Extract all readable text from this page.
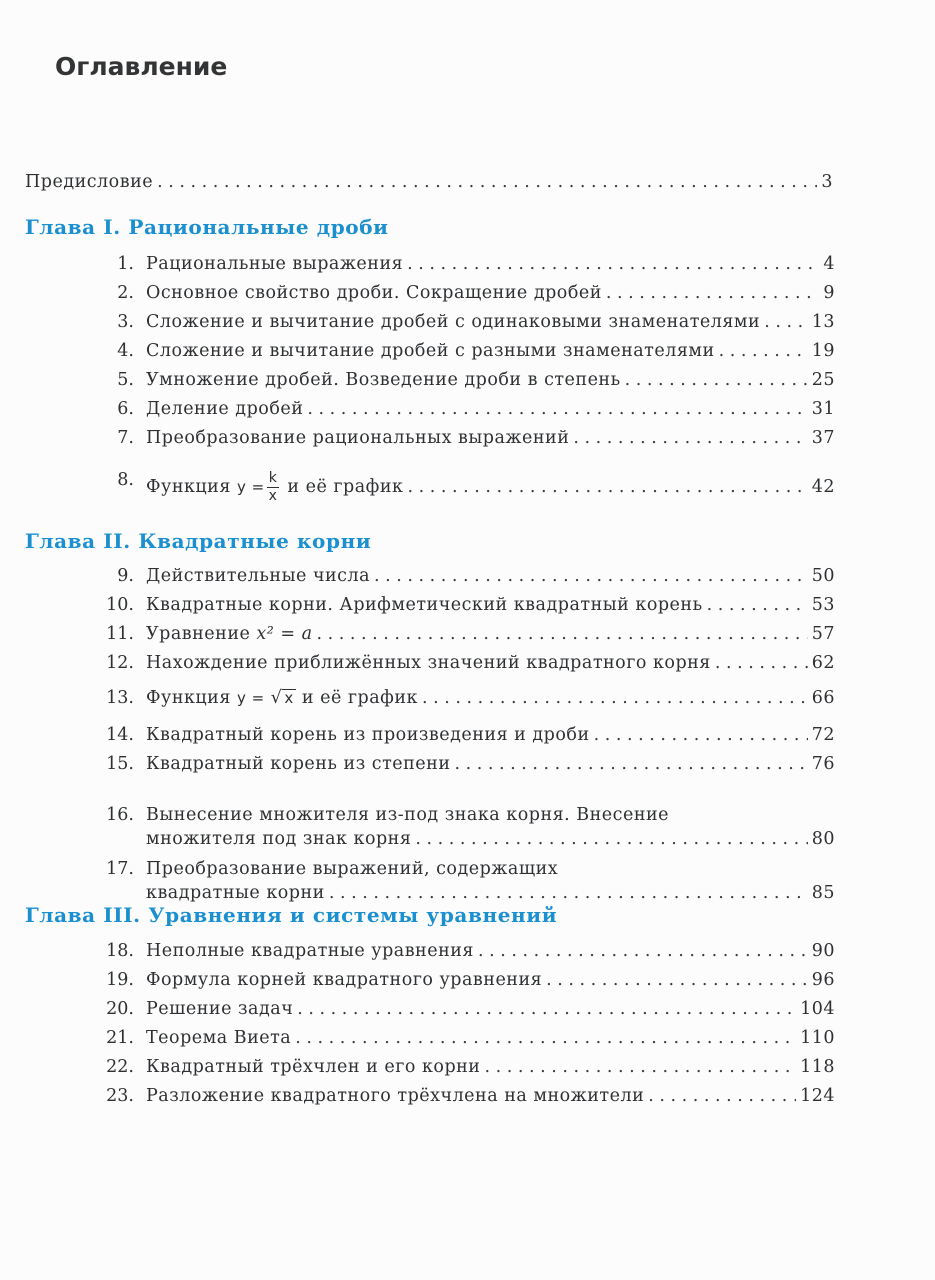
Оглавление
Предисловие . . .	3
Глава I. Рациональные дроби
1. Рациональные выражения . . .	4
2. Основное свойство дроби. Сокращение дробей . . .	9
3. Сложение и вычитание дробей с одинаковыми знаменателями . . .	13
4. Сложение и вычитание дробей с разными знаменателями . . .	19
5. Умножение дробей. Возведение дроби в степень . . .	25
6. Деление дробей . . .	31
7. Преобразование рациональных выражений . . .	37
8. Функция $y = \frac{k}{x}$ и её график . . .	42
9. Действительные числа . . .	50
10. Квадратные корни. Арифметический квадратный корень . . .	53
11. Уравнение x² = a . . .	57
12. Нахождение приближённых значений квадратного корня . . .	62
13. Функция y = √ x и её график . . .	66
14. Квадратный корень из произведения и дроби . . .	72
15. Квадратный корень из степени . . .	76
16. Вынесение множителя из-под знака корня. Внесение
множителя под знак корня . . .	80
17. Преобразование выражений, содержащих
квадратные корни . . .	85
18. Неполные квадратные уравнения . . .	90
19. Формула корней квадратного уравнения . . .	96
20. Решение задач . . .	104
21. Теорема Виета . . .	110
22. Квадратный трёхчлен и его корни . . .	118
23. Разложение квадратного трёхчлена на множители . . .	124
Глава II. Квадратные корни
Глава III. Уравнения и системы уравнений
